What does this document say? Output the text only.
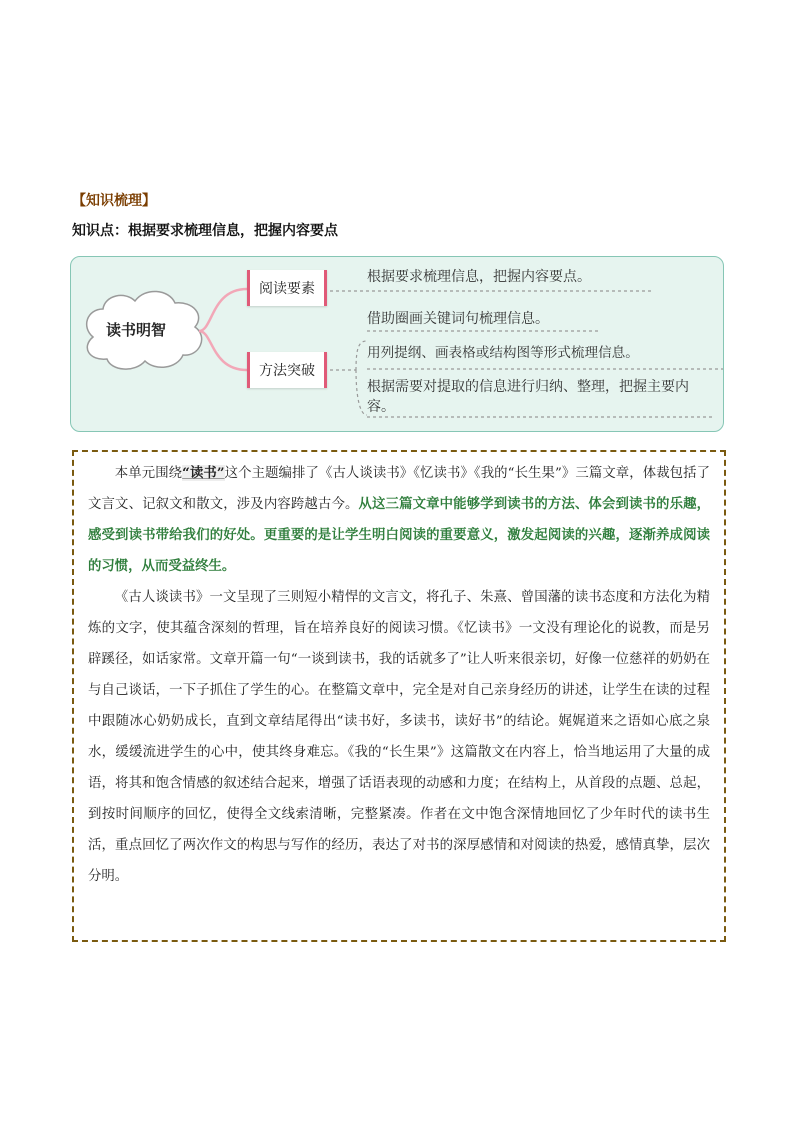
【知识梳理】
知识点：根据要求梳理信息，把握内容要点
读书明智
阅读要素
方法突破
根据要求梳理信息，把握内容要点。
借助圈画关键词句梳理信息。
用列提纲、画表格或结构图等形式梳理信息。
根据需要对提取的信息进行归纳、整理，把握主要内容。

本单元围绕“读书”这个主题编排了《古人谈读书》《忆读书》《我的“长生果”》三篇文章，体裁包括了文言文、记叙文和散文，涉及内容跨越古今。从这三篇文章中能够学到读书的方法、体会到读书的乐趣，感受到读书带给我们的好处。更重要的是让学生明白阅读的重要意义，激发起阅读的兴趣，逐渐养成阅读的习惯，从而受益终生。

《古人谈读书》一文呈现了三则短小精悍的文言文，将孔子、朱熹、曾国藩的读书态度和方法化为精炼的文字，使其蕴含深刻的哲理，旨在培养良好的阅读习惯。《忆读书》一文没有理论化的说教，而是另辟蹊径，如话家常。文章开篇一句“一谈到读书，我的话就多了”让人听来很亲切，好像一位慈祥的奶奶在与自己谈话，一下子抓住了学生的心。在整篇文章中，完全是对自己亲身经历的讲述，让学生在读的过程中跟随冰心奶奶成长，直到文章结尾得出“读书好，多读书，读好书”的结论。娓娓道来之语如心底之泉水，缓缓流进学生的心中，使其终身难忘。《我的“长生果”》这篇散文在内容上，恰当地运用了大量的成语，将其和饱含情感的叙述结合起来，增强了话语表现的动感和力度；在结构上，从首段的点题、总起，到按时间顺序的回忆，使得全文线索清晰，完整紧凑。作者在文中饱含深情地回忆了少年时代的读书生活，重点回忆了两次作文的构思与写作的经历，表达了对书的深厚感情和对阅读的热爱，感情真挚，层次分明。
